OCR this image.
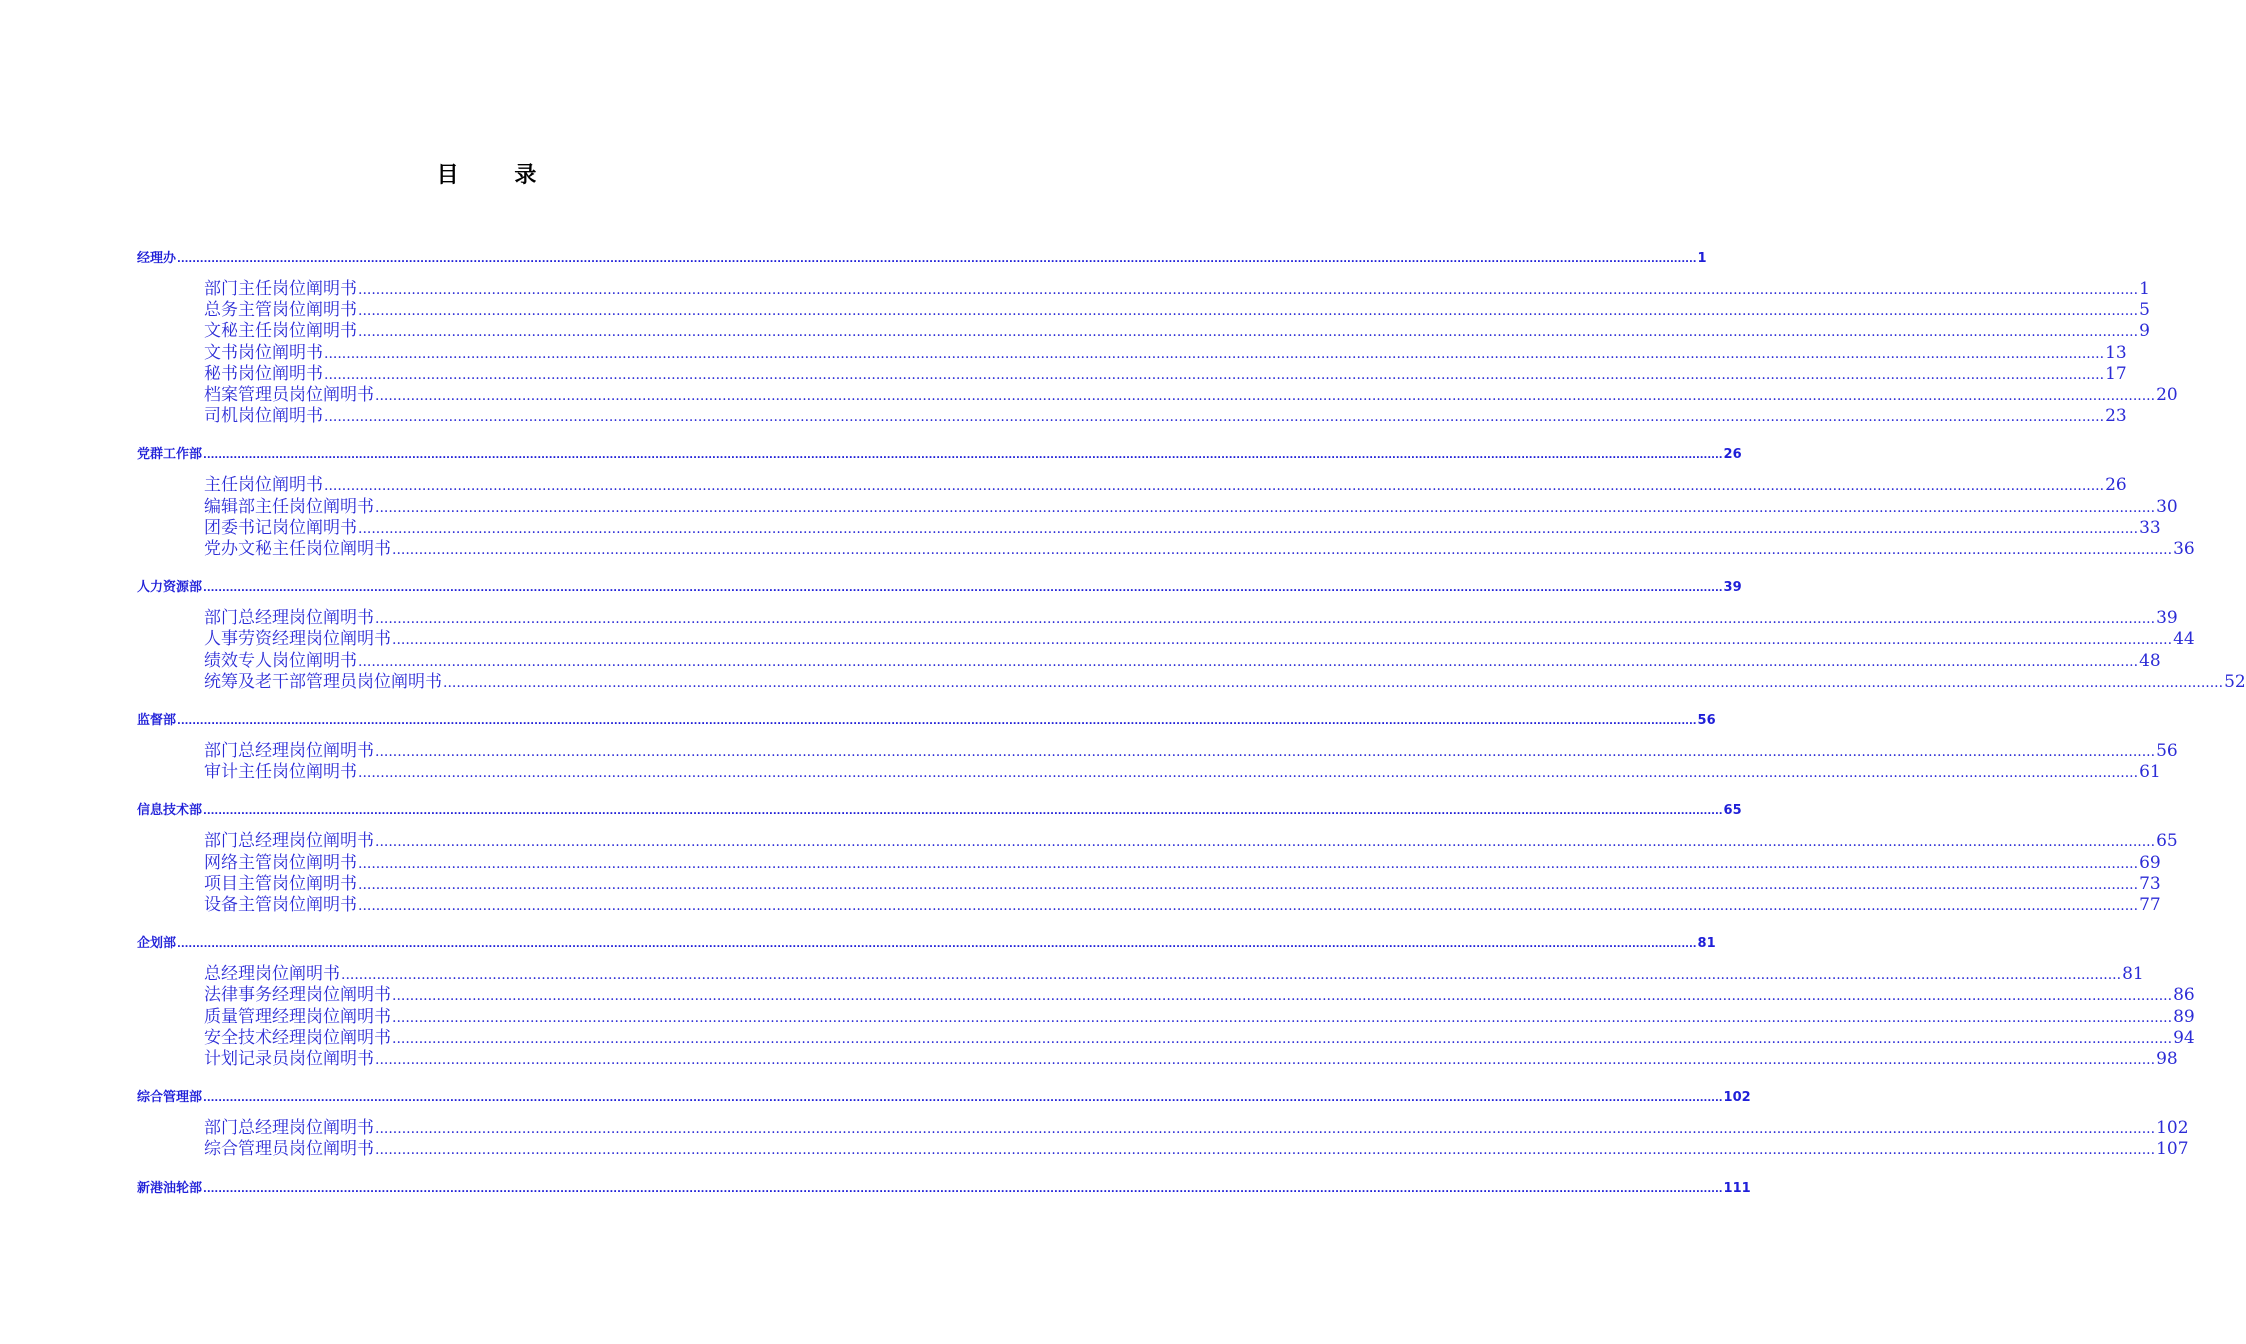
目 录
经理办 ................................................................................................................................................................................................................................................................................................................................................................................................................ 1
部门主任岗位阐明书 ................................................................................................................................................................................................................................................................................................................................................................................................................ 1
总务主管岗位阐明书 ................................................................................................................................................................................................................................................................................................................................................................................................................ 5
文秘主任岗位阐明书 ................................................................................................................................................................................................................................................................................................................................................................................................................ 9
文书岗位阐明书 ................................................................................................................................................................................................................................................................................................................................................................................................................ 13
秘书岗位阐明书 ................................................................................................................................................................................................................................................................................................................................................................................................................ 17
档案管理员岗位阐明书 ................................................................................................................................................................................................................................................................................................................................................................................................................ 20
司机岗位阐明书 ................................................................................................................................................................................................................................................................................................................................................................................................................ 23
党群工作部 ................................................................................................................................................................................................................................................................................................................................................................................................................ 26
主任岗位阐明书 ................................................................................................................................................................................................................................................................................................................................................................................................................ 26
编辑部主任岗位阐明书 ................................................................................................................................................................................................................................................................................................................................................................................................................ 30
团委书记岗位阐明书 ................................................................................................................................................................................................................................................................................................................................................................................................................ 33
党办文秘主任岗位阐明书 ................................................................................................................................................................................................................................................................................................................................................................................................................ 36
人力资源部 ................................................................................................................................................................................................................................................................................................................................................................................................................ 39
部门总经理岗位阐明书 ................................................................................................................................................................................................................................................................................................................................................................................................................ 39
人事劳资经理岗位阐明书 ................................................................................................................................................................................................................................................................................................................................................................................................................ 44
绩效专人岗位阐明书 ................................................................................................................................................................................................................................................................................................................................................................................................................ 48
统筹及老干部管理员岗位阐明书 ................................................................................................................................................................................................................................................................................................................................................................................................................ 52
监督部 ................................................................................................................................................................................................................................................................................................................................................................................................................ 56
部门总经理岗位阐明书 ................................................................................................................................................................................................................................................................................................................................................................................................................ 56
审计主任岗位阐明书 ................................................................................................................................................................................................................................................................................................................................................................................................................ 61
信息技术部 ................................................................................................................................................................................................................................................................................................................................................................................................................ 65
部门总经理岗位阐明书 ................................................................................................................................................................................................................................................................................................................................................................................................................ 65
网络主管岗位阐明书 ................................................................................................................................................................................................................................................................................................................................................................................................................ 69
项目主管岗位阐明书 ................................................................................................................................................................................................................................................................................................................................................................................................................ 73
设备主管岗位阐明书 ................................................................................................................................................................................................................................................................................................................................................................................................................ 77
企划部 ................................................................................................................................................................................................................................................................................................................................................................................................................ 81
总经理岗位阐明书 ................................................................................................................................................................................................................................................................................................................................................................................................................ 81
法律事务经理岗位阐明书 ................................................................................................................................................................................................................................................................................................................................................................................................................ 86
质量管理经理岗位阐明书 ................................................................................................................................................................................................................................................................................................................................................................................................................ 89
安全技术经理岗位阐明书 ................................................................................................................................................................................................................................................................................................................................................................................................................ 94
计划记录员岗位阐明书 ................................................................................................................................................................................................................................................................................................................................................................................................................ 98
综合管理部 ................................................................................................................................................................................................................................................................................................................................................................................................................ 102
部门总经理岗位阐明书 ................................................................................................................................................................................................................................................................................................................................................................................................................ 102
综合管理员岗位阐明书 ................................................................................................................................................................................................................................................................................................................................................................................................................ 107
新港油轮部 ................................................................................................................................................................................................................................................................................................................................................................................................................ 111
